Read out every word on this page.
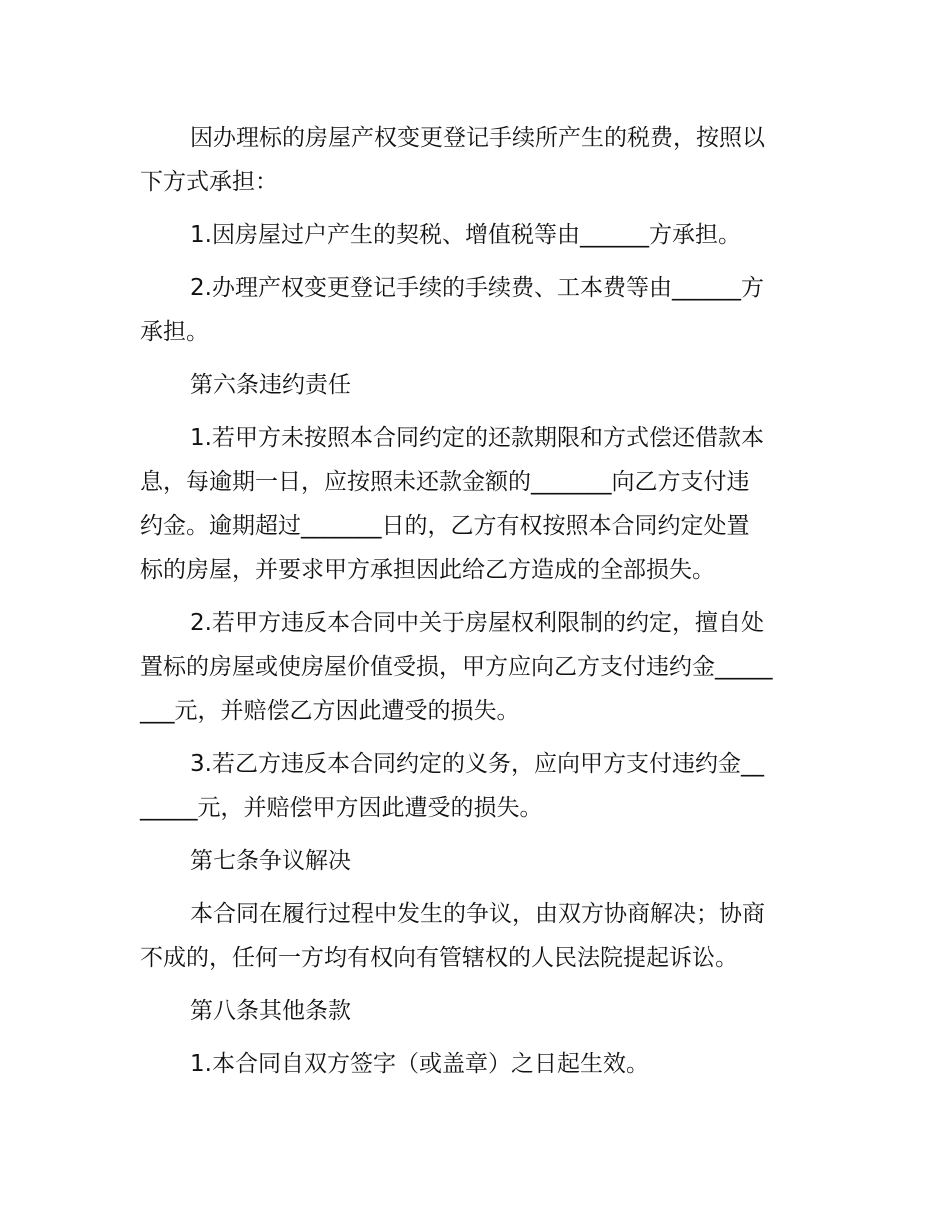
因办理标的房屋产权变更登记手续所产生的税费，按照以
下方式承担：
1.因房屋过户产生的契税、增值税等由______方承担。
2.办理产权变更登记手续的手续费、工本费等由______方
承担。
第六条违约责任
1.若甲方未按照本合同约定的还款期限和方式偿还借款本
息，每逾期一日，应按照未还款金额的_______向乙方支付违
约金。逾期超过_______日的，乙方有权按照本合同约定处置
标的房屋，并要求甲方承担因此给乙方造成的全部损失。
2.若甲方违反本合同中关于房屋权利限制的约定，擅自处
置标的房屋或使房屋价值受损，甲方应向乙方支付违约金_____
___元，并赔偿乙方因此遭受的损失。
3.若乙方违反本合同约定的义务，应向甲方支付违约金__
_____元，并赔偿甲方因此遭受的损失。
第七条争议解决
本合同在履行过程中发生的争议，由双方协商解决；协商
不成的，任何一方均有权向有管辖权的人民法院提起诉讼。
第八条其他条款
1.本合同自双方签字（或盖章）之日起生效。
